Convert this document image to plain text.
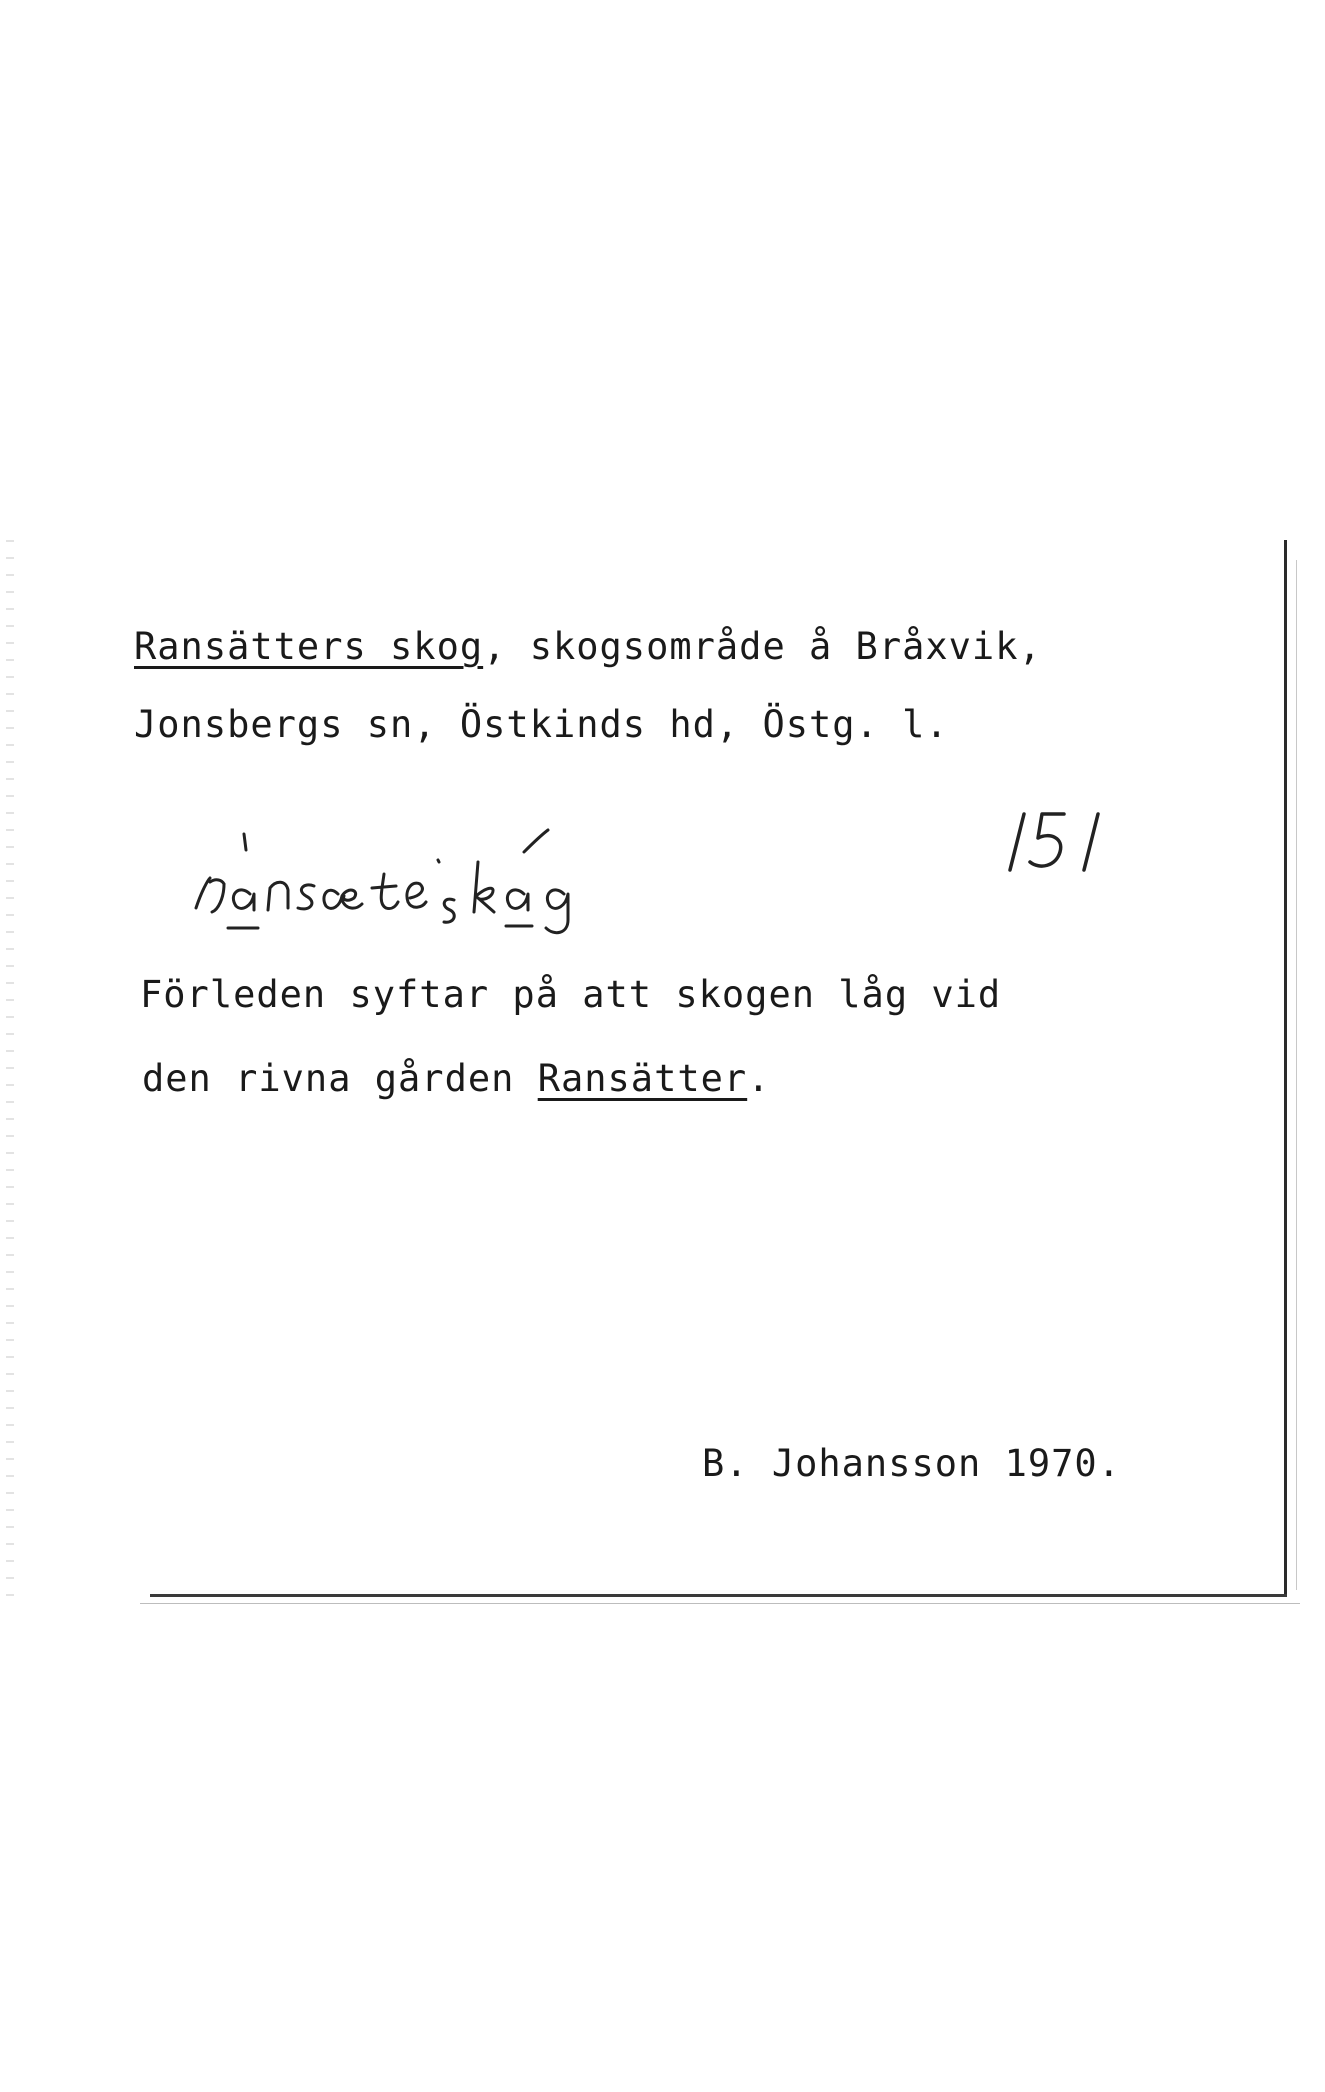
Ransätters skog, skogsområde å Bråxvik,
Jonsbergs sn, Östkinds hd, Östg. l.
Förleden syftar på att skogen låg vid
den rivna gården Ransätter.
B. Johansson 1970.
